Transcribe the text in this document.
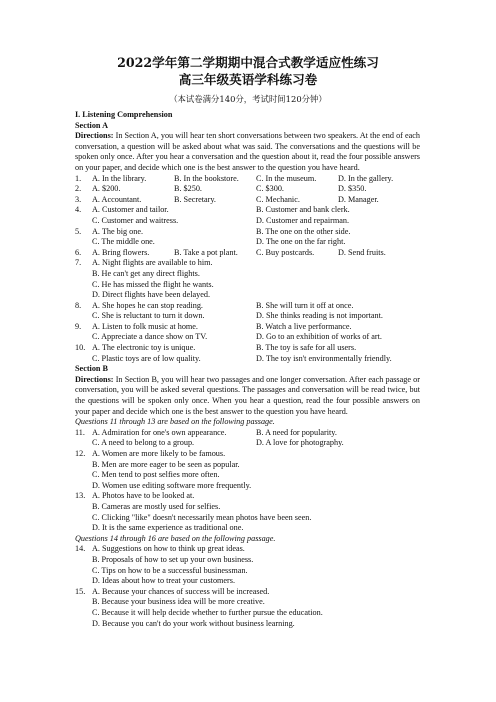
2022学年第二学期期中混合式教学适应性练习
高三年级英语学科练习卷
（本试卷满分140分，考试时间120分钟）
I. Listening Comprehension
Section A
Directions: In Section A, you will hear ten short conversations between two speakers. At the end of each conversation, a question will be asked about what was said. The conversations and the questions will be spoken only once. After you hear a conversation and the question about it, read the four possible answers on your paper, and decide which one is the best answer to the question you have heard.
1.	A. In the library.	B. In the bookstore.	C. In the museum.	D. In the gallery.
2.	A. $200.	B. $250.	C. $300.	D. $350.
3.	A. Accountant.	B. Secretary.	C. Mechanic.	D. Manager.
4.	A. Customer and tailor.	B. Customer and bank clerk.
C. Customer and waitress.	D. Customer and repairman.
5.	A. The big one.	B. The one on the other side.
C. The middle one.	D. The one on the far right.
6.	A. Bring flowers.	B. Take a pot plant.	C. Buy postcards.	D. Send fruits.
7.	A. Night flights are available to him.
B. He can't get any direct flights.
C. He has missed the flight he wants.
D. Direct flights have been delayed.
8.	A. She hopes he can stop reading.	B. She will turn it off at once.
C. She is reluctant to turn it down.	D. She thinks reading is not important.
9.	A. Listen to folk music at home.	B. Watch a live performance.
C. Appreciate a dance show on TV.	D. Go to an exhibition of works of art.
10. A. The electronic toy is unique.	B. The toy is safe for all users.
C. Plastic toys are of low quality.	D. The toy isn't environmentally friendly.
Section B
Directions: In Section B, you will hear two passages and one longer conversation. After each passage or conversation, you will be asked several questions. The passages and conversation will be read twice, but the questions will be spoken only once. When you hear a question, read the four possible answers on your paper and decide which one is the best answer to the question you have heard.
Questions 11 through 13 are based on the following passage.
11. A. Admiration for one's own appearance.	B. A need for popularity.
C. A need to belong to a group.	D. A love for photography.
12. A. Women are more likely to be famous.
B. Men are more eager to be seen as popular.
C. Men tend to post selfies more often.
D. Women use editing software more frequently.
13. A. Photos have to be looked at.
B. Cameras are mostly used for selfies.
C. Clicking "like" doesn't necessarily mean photos have been seen.
D. It is the same experience as traditional one.
Questions 14 through 16 are based on the following passage.
14. A. Suggestions on how to think up great ideas.
B. Proposals of how to set up your own business.
C. Tips on how to be a successful businessman.
D. Ideas about how to treat your customers.
15. A. Because your chances of success will be increased.
B. Because your business idea will be more creative.
C. Because it will help decide whether to further pursue the education.
D. Because you can't do your work without business learning.
